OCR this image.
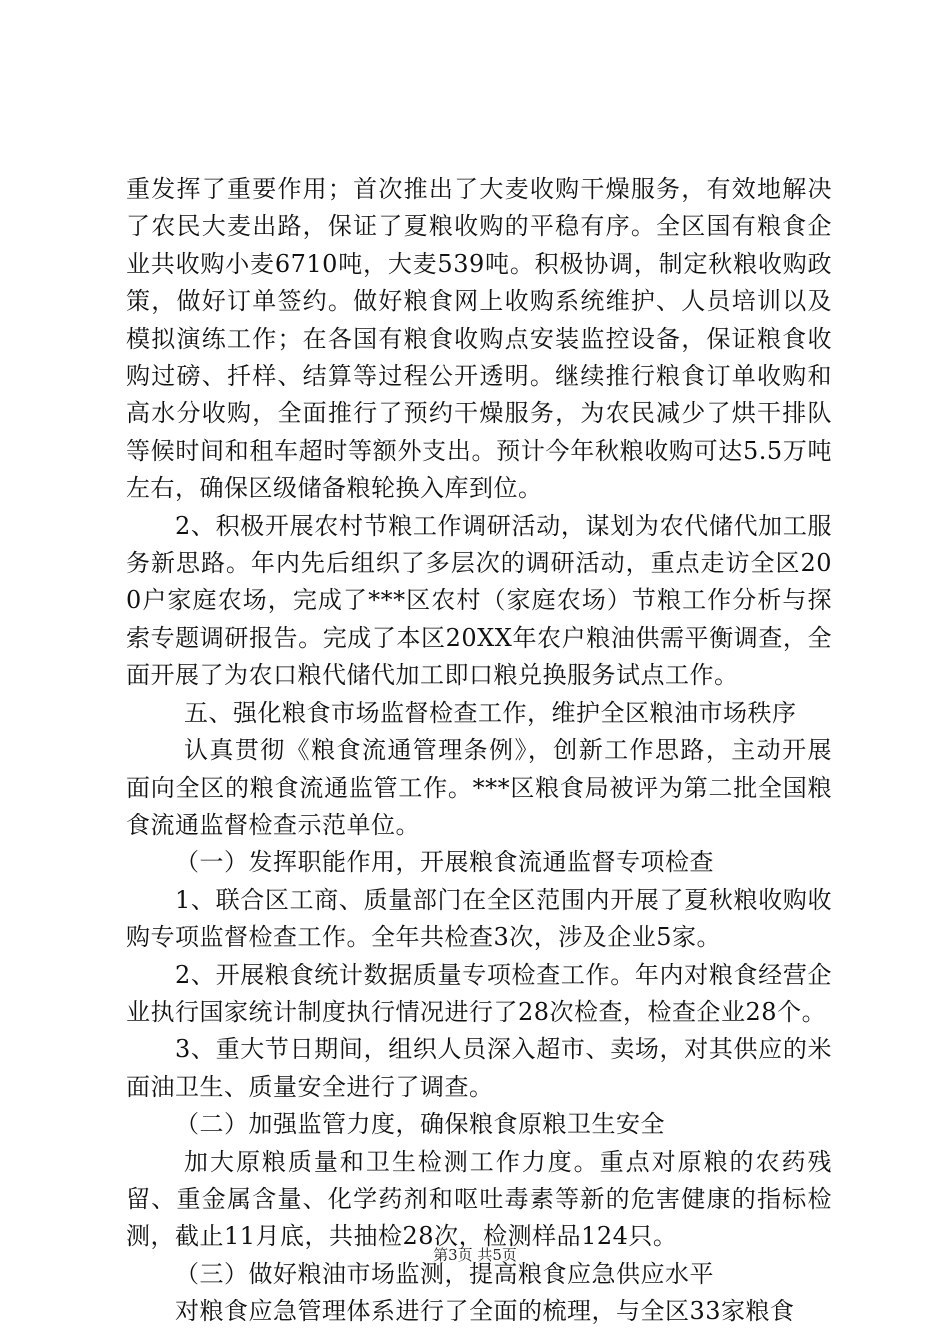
重发挥了重要作用；首次推出了大麦收购干燥服务，有效地解决了农民大麦出路，保证了夏粮收购的平稳有序。全区国有粮食企业共收购小麦6710吨，大麦539吨。积极协调，制定秋粮收购政策，做好订单签约。做好粮食网上收购系统维护、人员培训以及模拟演练工作；在各国有粮食收购点安装监控设备，保证粮食收购过磅、扦样、结算等过程公开透明。继续推行粮食订单收购和高水分收购，全面推行了预约干燥服务，为农民减少了烘干排队等候时间和租车超时等额外支出。预计今年秋粮收购可达5.5万吨左右，确保区级储备粮轮换入库到位。

2、积极开展农村节粮工作调研活动，谋划为农代储代加工服务新思路。年内先后组织了多层次的调研活动，重点走访全区200户家庭农场，完成了***区农村（家庭农场）节粮工作分析与探索专题调研报告。完成了本区20XX年农户粮油供需平衡调查，全面开展了为农口粮代储代加工即口粮兑换服务试点工作。

五、强化粮食市场监督检查工作，维护全区粮油市场秩序

认真贯彻《粮食流通管理条例》，创新工作思路，主动开展面向全区的粮食流通监管工作。***区粮食局被评为第二批全国粮食流通监督检查示范单位。

（一）发挥职能作用，开展粮食流通监督专项检查

1、联合区工商、质量部门在全区范围内开展了夏秋粮收购收购专项监督检查工作。全年共检查3次，涉及企业5家。

2、开展粮食统计数据质量专项检查工作。年内对粮食经营企业执行国家统计制度执行情况进行了28次检查，检查企业28个。

3、重大节日期间，组织人员深入超市、卖场，对其供应的米面油卫生、质量安全进行了调查。

（二）加强监管力度，确保粮食原粮卫生安全

加大原粮质量和卫生检测工作力度。重点对原粮的农药残留、重金属含量、化学药剂和呕吐毒素等新的危害健康的指标检测，截止11月底，共抽检28次，检测样品124只。

（三）做好粮油市场监测，提高粮食应急供应水平

对粮食应急管理体系进行了全面的梳理，与全区33家粮食

第3页 共5页
